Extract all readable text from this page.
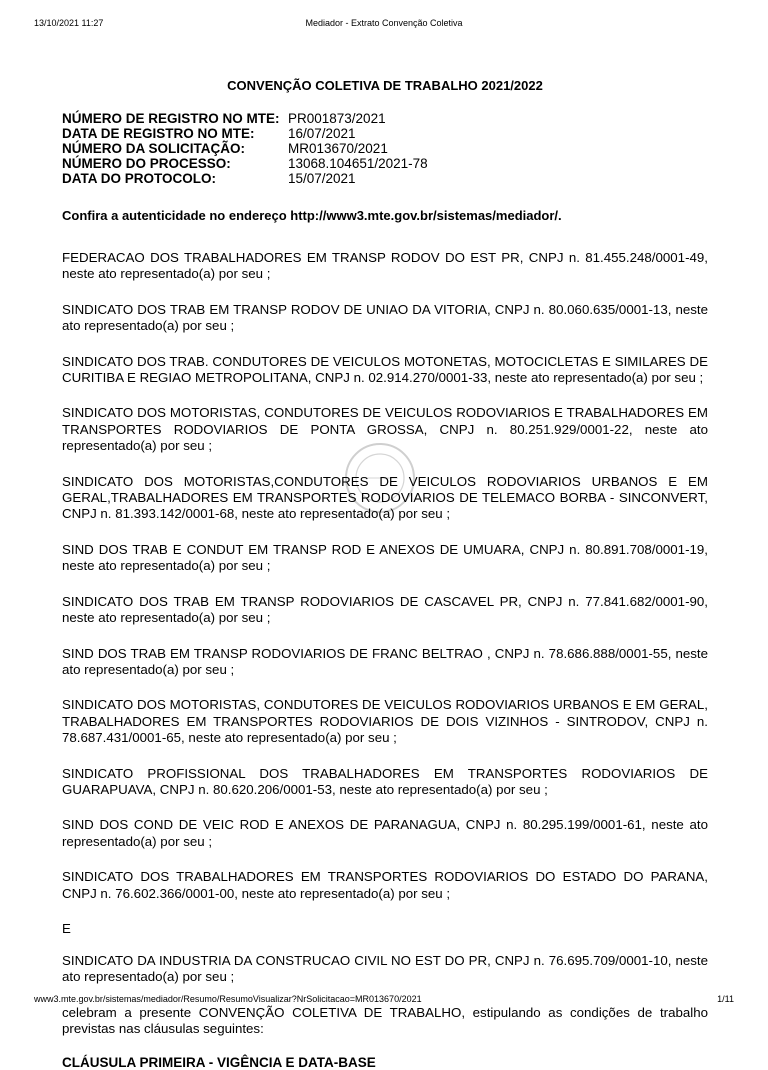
13/10/2021 11:27	Mediador - Extrato Convenção Coletiva
CONVENÇÃO COLETIVA DE TRABALHO 2021/2022
NÚMERO DE REGISTRO NO MTE: PR001873/2021
DATA DE REGISTRO NO MTE:	16/07/2021
NÚMERO DA SOLICITAÇÃO:	MR013670/2021
NÚMERO DO PROCESSO:	13068.104651/2021-78
DATA DO PROTOCOLO:	15/07/2021
Confira a autenticidade no endereço http://www3.mte.gov.br/sistemas/mediador/.

FEDERACAO DOS TRABALHADORES EM TRANSP RODOV DO EST PR, CNPJ n. 81.455.248/0001-49, neste ato representado(a) por seu ;

SINDICATO DOS TRAB EM TRANSP RODOV DE UNIAO DA VITORIA, CNPJ n. 80.060.635/0001-13, neste ato representado(a) por seu ;

SINDICATO DOS TRAB. CONDUTORES DE VEICULOS MOTONETAS, MOTOCICLETAS E SIMILARES DE CURITIBA E REGIAO METROPOLITANA, CNPJ n. 02.914.270/0001-33, neste ato representado(a) por seu ;

SINDICATO DOS MOTORISTAS, CONDUTORES DE VEICULOS RODOVIARIOS E TRABALHADORES EM TRANSPORTES RODOVIARIOS DE PONTA GROSSA, CNPJ n. 80.251.929/0001-22, neste ato representado(a) por seu ;

SINDICATO DOS MOTORISTAS,CONDUTORES DE VEICULOS RODOVIARIOS URBANOS E EM GERAL,TRABALHADORES EM TRANSPORTES RODOVIARIOS DE TELEMACO BORBA - SINCONVERT, CNPJ n. 81.393.142/0001-68, neste ato representado(a) por seu ;

SIND DOS TRAB E CONDUT EM TRANSP ROD E ANEXOS DE UMUARA, CNPJ n. 80.891.708/0001-19, neste ato representado(a) por seu ;

SINDICATO DOS TRAB EM TRANSP RODOVIARIOS DE CASCAVEL PR, CNPJ n. 77.841.682/0001-90, neste ato representado(a) por seu ;

SIND DOS TRAB EM TRANSP RODOVIARIOS DE FRANC BELTRAO , CNPJ n. 78.686.888/0001-55, neste ato representado(a) por seu ;

SINDICATO DOS MOTORISTAS, CONDUTORES DE VEICULOS RODOVIARIOS URBANOS E EM GERAL, TRABALHADORES EM TRANSPORTES RODOVIARIOS DE DOIS VIZINHOS - SINTRODOV, CNPJ n. 78.687.431/0001-65, neste ato representado(a) por seu ;

SINDICATO PROFISSIONAL DOS TRABALHADORES EM TRANSPORTES RODOVIARIOS DE GUARAPUAVA, CNPJ n. 80.620.206/0001-53, neste ato representado(a) por seu ;

SIND DOS COND DE VEIC ROD E ANEXOS DE PARANAGUA, CNPJ n. 80.295.199/0001-61, neste ato representado(a) por seu ;

SINDICATO DOS TRABALHADORES EM TRANSPORTES RODOVIARIOS DO ESTADO DO PARANA, CNPJ n. 76.602.366/0001-00, neste ato representado(a) por seu ;

E

SINDICATO DA INDUSTRIA DA CONSTRUCAO CIVIL NO EST DO PR, CNPJ n. 76.695.709/0001-10, neste ato representado(a) por seu ;

celebram a presente CONVENÇÃO COLETIVA DE TRABALHO, estipulando as condições de trabalho previstas nas cláusulas seguintes:

CLÁUSULA PRIMEIRA - VIGÊNCIA E DATA-BASE
www3.mte.gov.br/sistemas/mediador/Resumo/ResumoVisualizar?NrSolicitacao=MR013670/2021	1/11
